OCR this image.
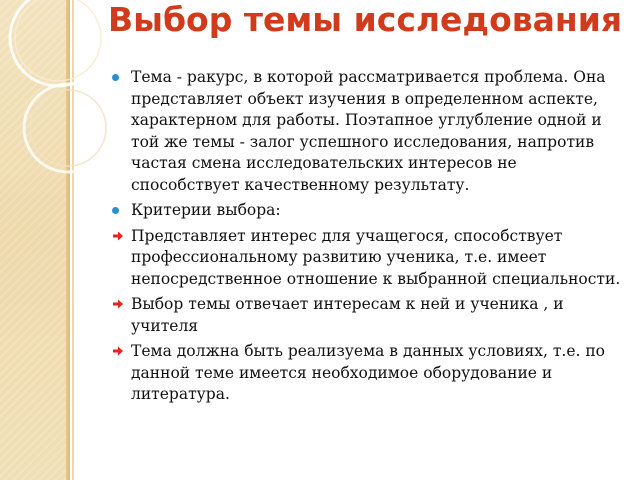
Выбор темы исследования
Тема - ракурс, в которой рассматривается проблема. Она представляет объект изучения в определенном аспекте, характерном для работы. Поэтапное углубление одной и той же темы - залог успешного исследования, напротив частая смена исследовательских интересов не способствует качественному результату.
Критерии выбора:
Представляет интерес для учащегося, способствует профессиональному развитию ученика, т.е. имеет непосредственное отношение к выбранной специальности.
Выбор темы отвечает интересам к ней и ученика , и учителя
Тема должна быть реализуема в данных условиях, т.е. по данной теме имеется необходимое оборудование и литература.
